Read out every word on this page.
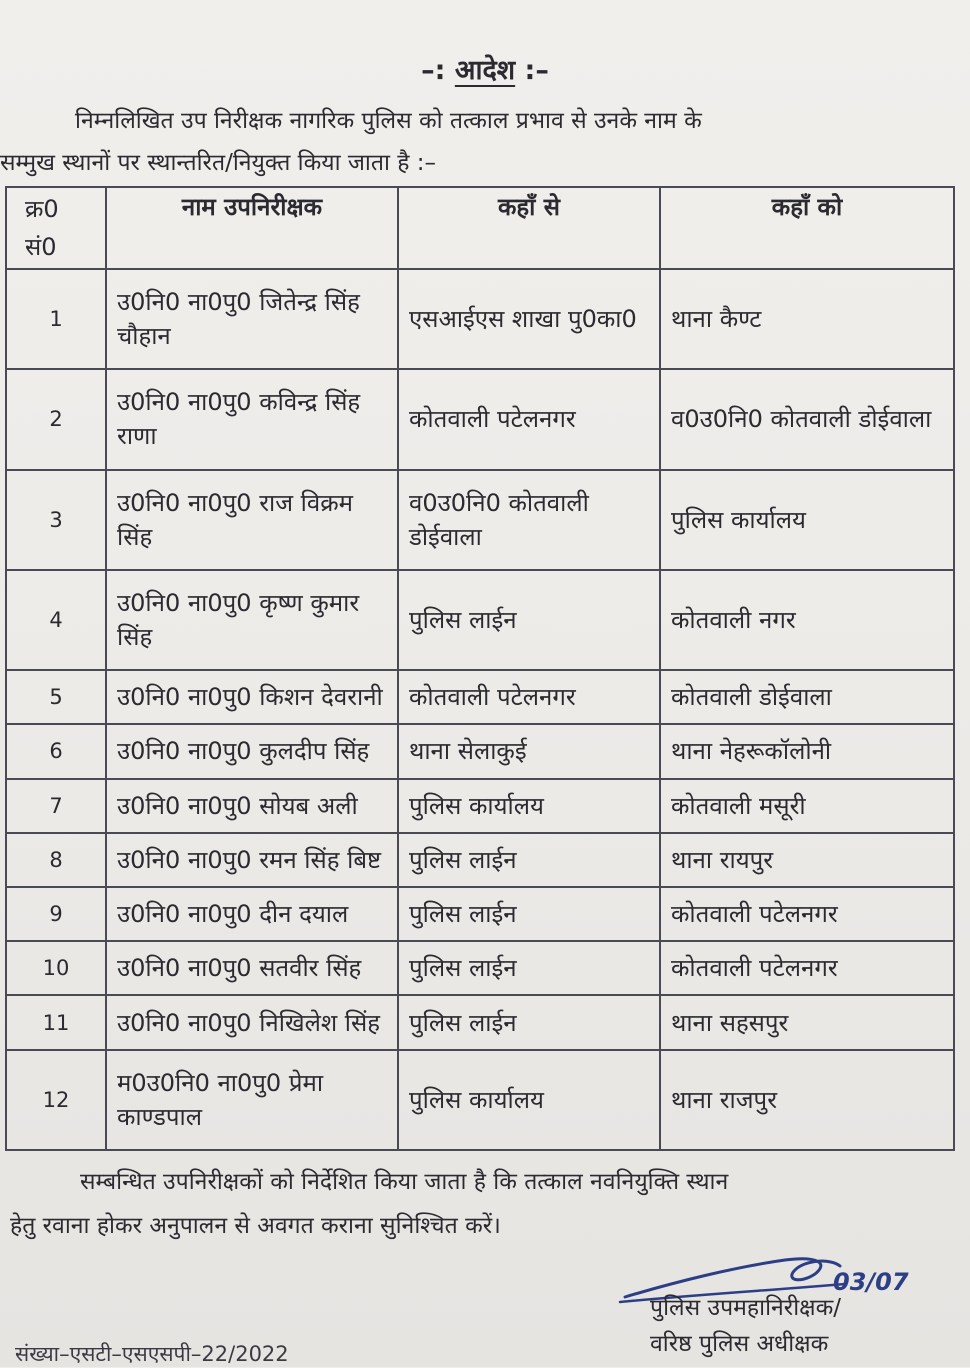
–: आदेश :–
निम्नलिखित उप निरीक्षक नागरिक पुलिस को तत्काल प्रभाव से उनके नाम के
सम्मुख स्थानों पर स्थान्तरित/नियुक्त किया जाता है :–
क्र0 सं0	नाम उपनिरीक्षक	कहॉं से	कहॉं को
1	उ0नि0 ना0पु0 जितेन्द्र सिंह चौहान	एसआईएस शाखा पु0का0	थाना कैण्ट
2	उ0नि0 ना0पु0 कविन्द्र सिंह राणा	कोतवाली पटेलनगर	व0उ0नि0 कोतवाली डोईवाला
3	उ0नि0 ना0पु0 राज विक्रम सिंह	व0उ0नि0 कोतवाली डोईवाला	पुलिस कार्यालय
4	उ0नि0 ना0पु0 कृष्ण कुमार सिंह	पुलिस लाईन	कोतवाली नगर
5	उ0नि0 ना0पु0 किशन देवरानी	कोतवाली पटेलनगर	कोतवाली डोईवाला
6	उ0नि0 ना0पु0 कुलदीप सिंह	थाना सेलाकुई	थाना नेहरूकॉलोनी
7	उ0नि0 ना0पु0 सोयब अली	पुलिस कार्यालय	कोतवाली मसूरी
8	उ0नि0 ना0पु0 रमन सिंह बिष्ट	पुलिस लाईन	थाना रायपुर
9	उ0नि0 ना0पु0 दीन दयाल	पुलिस लाईन	कोतवाली पटेलनगर
10	उ0नि0 ना0पु0 सतवीर सिंह	पुलिस लाईन	कोतवाली पटेलनगर
11	उ0नि0 ना0पु0 निखिलेश सिंह	पुलिस लाईन	थाना सहसपुर
12	म0उ0नि0 ना0पु0 प्रेमा काण्डपाल	पुलिस कार्यालय	थाना राजपुर
सम्बन्धित उपनिरीक्षकों को निर्देशित किया जाता है कि तत्काल नवनियुक्ति स्थान
हेतु रवाना होकर अनुपालन से अवगत कराना सुनिश्चित करें।
03/07
पुलिस उपमहानिरीक्षक/
वरिष्ठ पुलिस अधीक्षक
संख्या–एसटी–एसएसपी–22/2022
